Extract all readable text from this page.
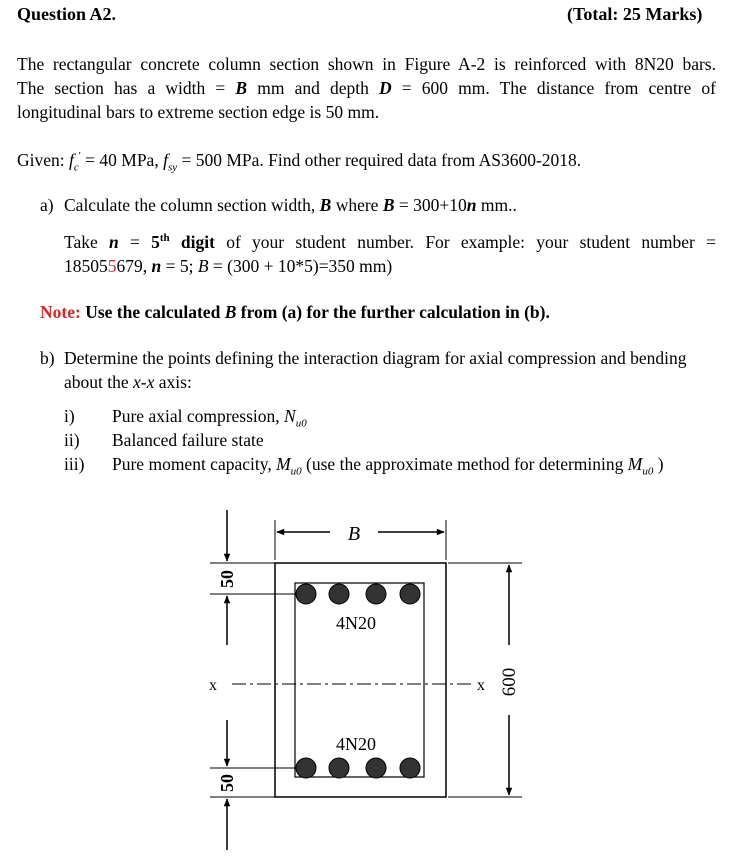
Question A2.	(Total: 25 Marks)
The rectangular concrete column section shown in Figure A-2 is reinforced with 8N20 bars.
The section has a width = B mm and depth D = 600 mm. The distance from centre of
longitudinal bars to extreme section edge is 50 mm.
Given: $f_c' = 40$ MPa, $f_{sy} = 500$ MPa. Find other required data from AS3600-2018.
a) Calculate the column section width, B where B = 300+10n mm..
Take n = 5th digit of your student number. For example: your student number =
185055679, n = 5; B = (300 + 10*5)=350 mm)
Note: Use the calculated B from (a) for the further calculation in (b).
b) Determine the points defining the interaction diagram for axial compression and bending
about the x-x axis:
i) Pure axial compression, $N_{u0}$
ii) Balanced failure state
iii) Pure moment capacity, $M_{u0}$ (use the approximate method for determining $M_{u0}$ )
B
4N20
4N20
x	x 600
50
50
